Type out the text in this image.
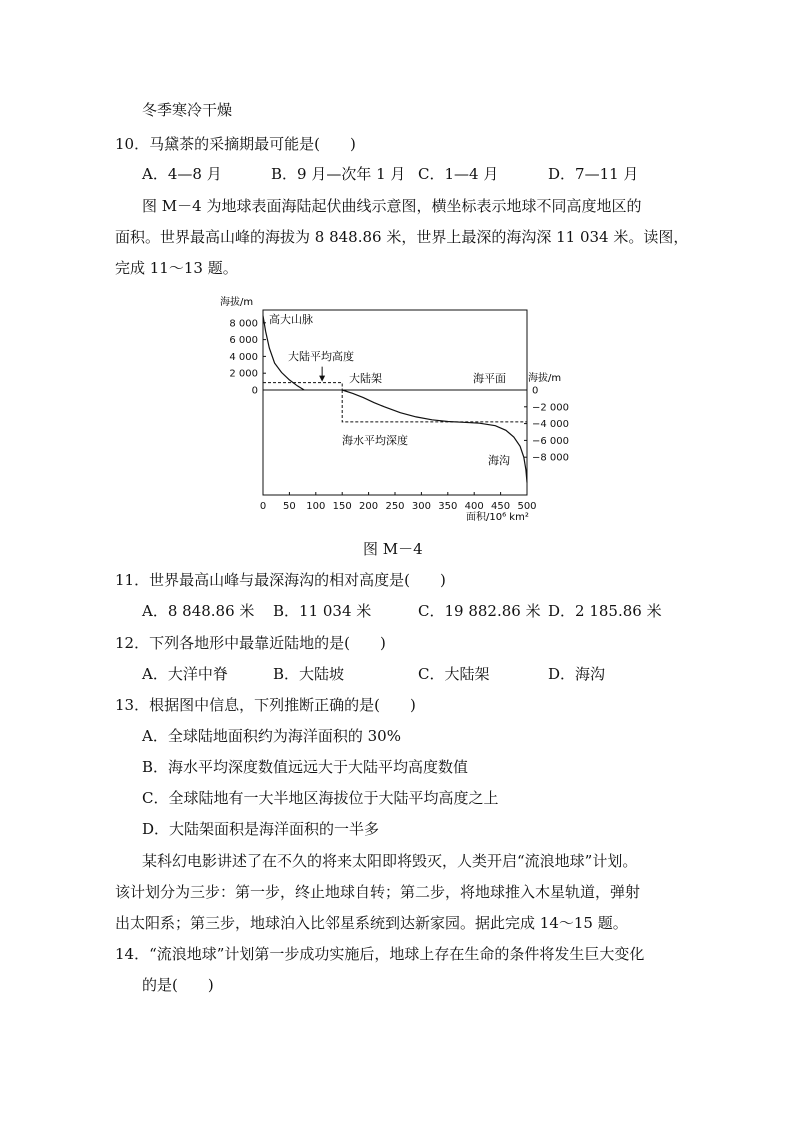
冬季寒冷干燥
10．马黛茶的采摘期最可能是(　　)
A．4—8 月	B．9 月—次年 1 月 C．1—4 月	D．7—11 月
图 M－4 为地球表面海陆起伏曲线示意图，横坐标表示地球不同高度地区的
面积。世界最高山峰的海拔为 8 848.86 米，世界上最深的海沟深 11 034 米。读图，
完成 11～13 题。
0 50 100 150 200 250 300 350 400 450 500
8 000
6 000
4 000
2 000
0	0
−2 000
−4 000
−6 000
−8 000
海拔/m
海拔/m
面积/10⁶ km²
高大山脉
大陆平均高度
大陆架	海平面
海水平均深度
海沟
图 M－4
11．世界最高山峰与最深海沟的相对高度是(　　)
A．8 848.86 米 B．11 034 米	C．19 882.86 米 D．2 185.86 米
12．下列各地形中最靠近陆地的是(　　)
A．大洋中脊	B．大陆坡	C．大陆架	D．海沟
13．根据图中信息，下列推断正确的是(　　)
A．全球陆地面积约为海洋面积的 30%
B．海水平均深度数值远远大于大陆平均高度数值
C．全球陆地有一大半地区海拔位于大陆平均高度之上
D．大陆架面积是海洋面积的一半多
某科幻电影讲述了在不久的将来太阳即将毁灭，人类开启“流浪地球”计划。
该计划分为三步：第一步，终止地球自转；第二步，将地球推入木星轨道，弹射
出太阳系；第三步，地球泊入比邻星系统到达新家园。据此完成 14～15 题。
14．“流浪地球”计划第一步成功实施后，地球上存在生命的条件将发生巨大变化
的是(　　)
